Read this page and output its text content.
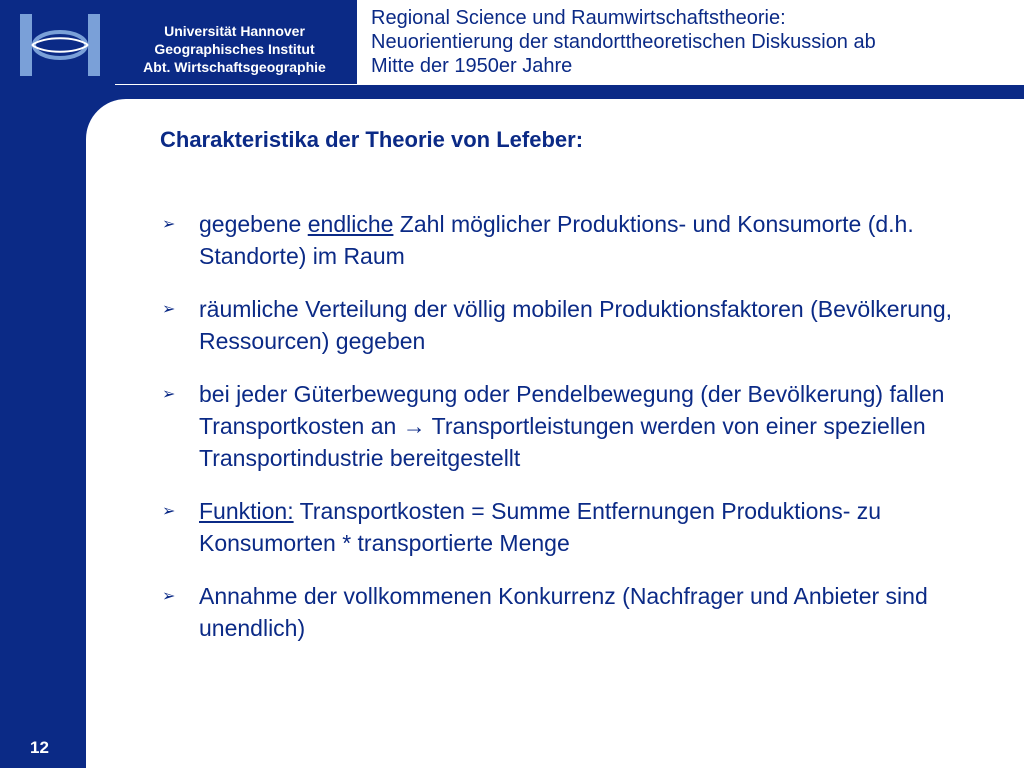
Universität Hannover
Geographisches Institut
Abt. Wirtschaftsgeographie
Regional Science und Raumwirtschaftstheorie:
Neuorientierung der standorttheoretischen Diskussion ab
Mitte der 1950er Jahre
12
Charakteristika der Theorie von Lefeber:
➢ gegebene endliche Zahl möglicher Produktions- und Konsumorte (d.h. Standorte) im Raum
➢ räumliche Verteilung der völlig mobilen Produktionsfaktoren (Bevölkerung, Ressourcen) gegeben
➢ bei jeder Güterbewegung oder Pendelbewegung (der Bevölkerung) fallen Transportkosten an → Transportleistungen werden von einer speziellen Transportindustrie bereitgestellt
➢ Funktion: Transportkosten = Summe Entfernungen Produktions- zu Konsumorten * transportierte Menge
➢ Annahme der vollkommenen Konkurrenz (Nachfrager und Anbieter sind unendlich)
